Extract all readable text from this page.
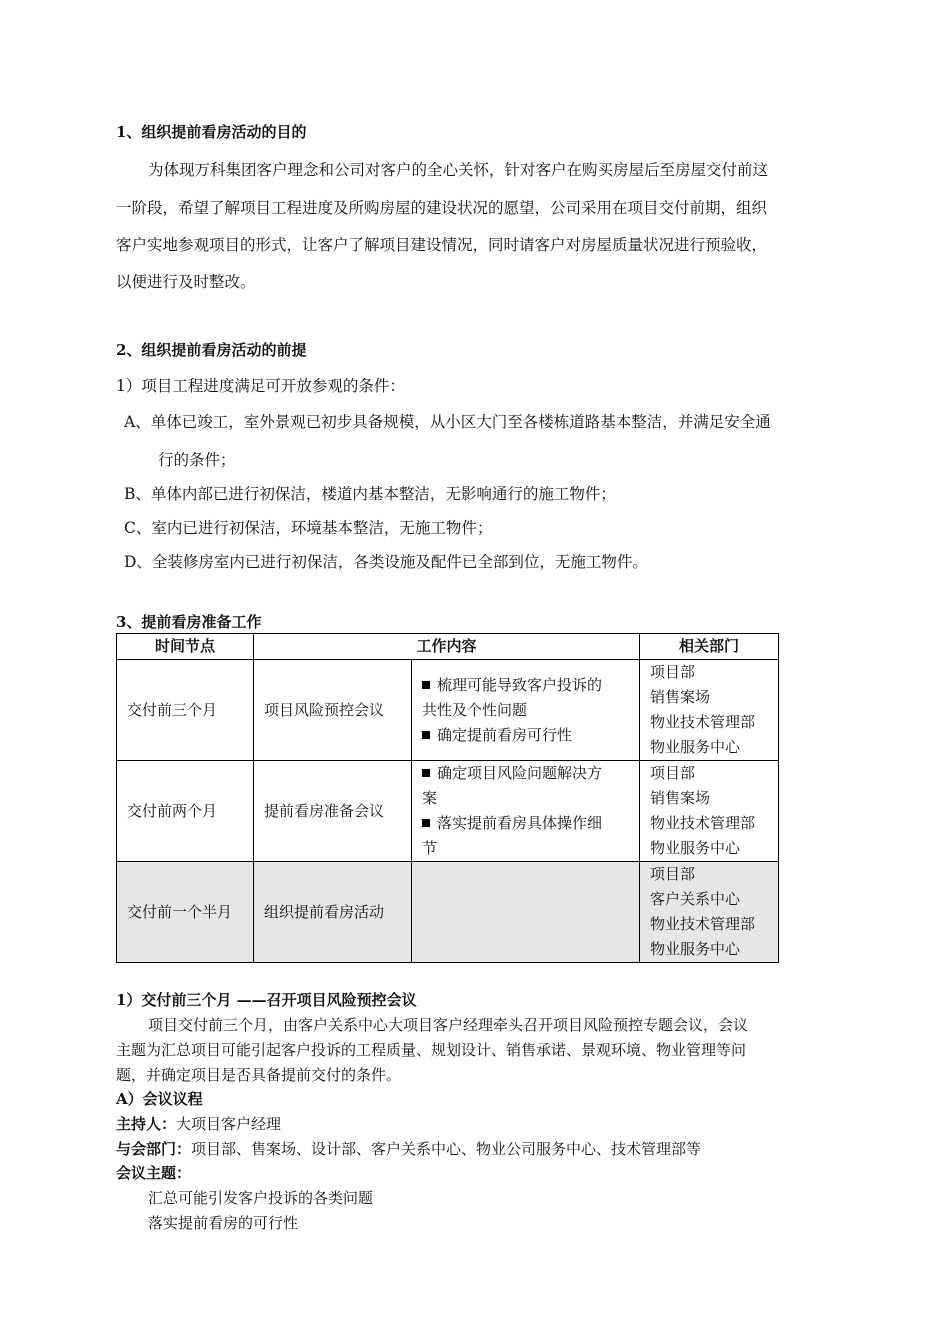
1、组织提前看房活动的目的
为体现万科集团客户理念和公司对客户的全心关怀，针对客户在购买房屋后至房屋交付前这
一阶段，希望了解项目工程进度及所购房屋的建设状况的愿望，公司采用在项目交付前期，组织
客户实地参观项目的形式，让客户了解项目建设情况，同时请客户对房屋质量状况进行预验收，
以便进行及时整改。
2、组织提前看房活动的前提
1）项目工程进度满足可开放参观的条件：
A、单体已竣工，室外景观已初步具备规模，从小区大门至各楼栋道路基本整洁，并满足安全通
行的条件；
B、单体内部已进行初保洁，楼道内基本整洁，无影响通行的施工物件；
C、室内已进行初保洁，环境基本整洁，无施工物件；
D、全装修房室内已进行初保洁，各类设施及配件已全部到位，无施工物件。
3、提前看房准备工作
时间节点	工作内容		相关部门
交付前三个月	项目风险预控会议	梳理可能导致客户投诉的
共性及个性问题
确定提前看房可行性	项目部
销售案场
物业技术管理部
物业服务中心

交付前两个月	提前看房准备会议	确定项目风险问题解决方
案
落实提前看房具体操作细
节	项目部
销售案场
物业技术管理部
物业服务中心

交付前一个半月	组织提前看房活动		项目部
客户关系中心
物业技术管理部
物业服务中心
1）交付前三个月 ——召开项目风险预控会议
项目交付前三个月，由客户关系中心大项目客户经理牵头召开项目风险预控专题会议，会议
主题为汇总项目可能引起客户投诉的工程质量、规划设计、销售承诺、景观环境、物业管理等问
题，并确定项目是否具备提前交付的条件。
A）会议议程
主持人：大项目客户经理
与会部门：项目部、售案场、设计部、客户关系中心、物业公司服务中心、技术管理部等
会议主题：
汇总可能引发客户投诉的各类问题
落实提前看房的可行性
